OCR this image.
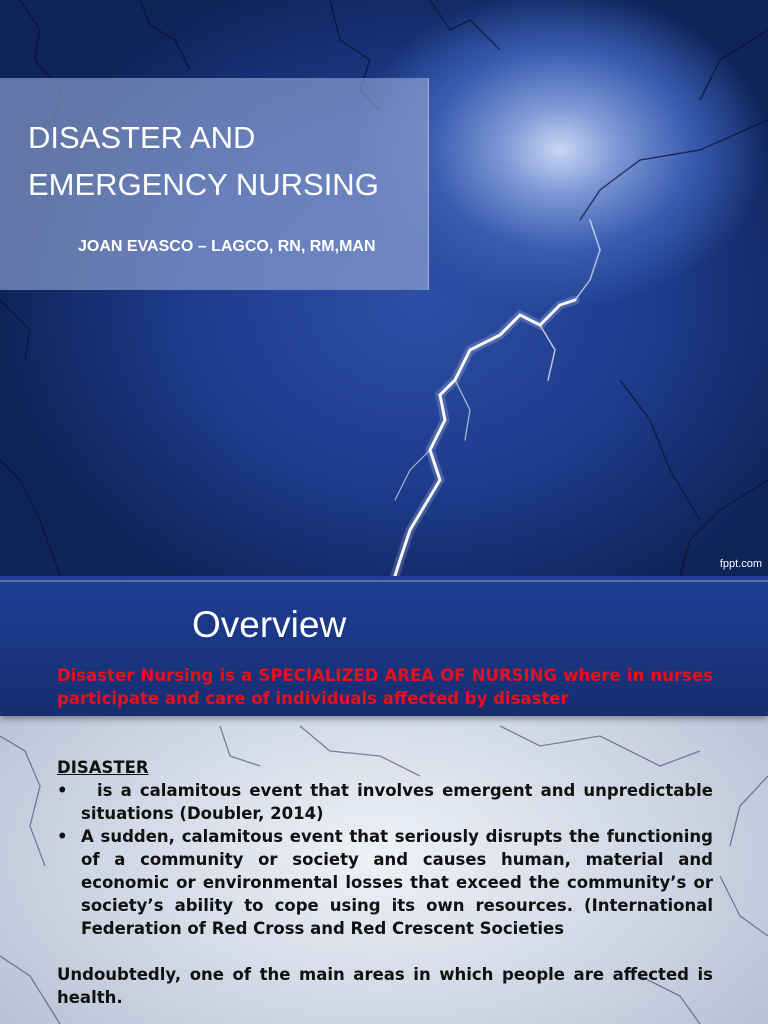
DISASTER AND
EMERGENCY NURSING
JOAN EVASCO – LAGCO, RN, RM,MAN
fppt.com
Overview
Disaster Nursing is a SPECIALIZED AREA OF NURSING where in nurses participate and care of individuals affected by disaster
DISASTER
• is a calamitous event that involves emergent and unpredictable situations (Doubler, 2014)
• A sudden, calamitous event that seriously disrupts the functioning of a community or society and causes human, material and economic or environmental losses that exceed the community’s or society’s ability to cope using its own resources. (International Federation of Red Cross and Red Crescent Societies
Undoubtedly, one of the main areas in which people are affected is health.
